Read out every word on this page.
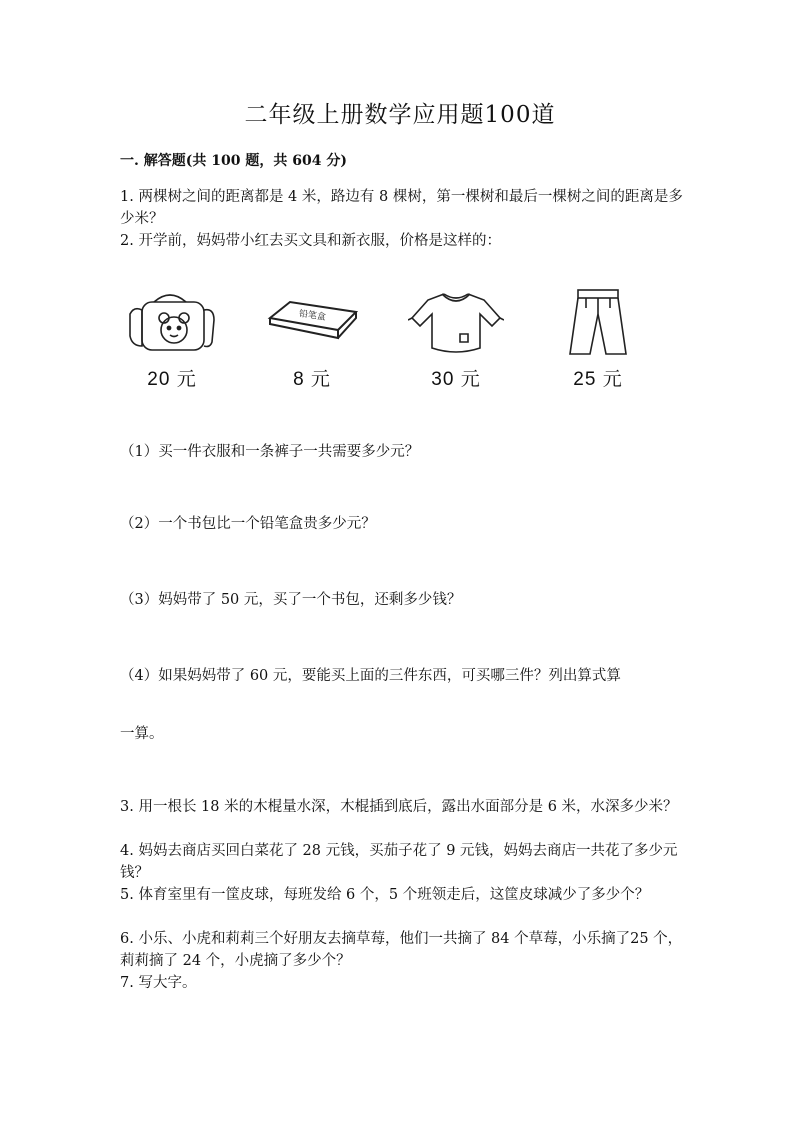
二年级上册数学应用题100道
一. 解答题(共 100 题，共 604 分)
1. 两棵树之间的距离都是 4 米，路边有 8 棵树，第一棵树和最后一棵树之间的距离是多少米？
2. 开学前，妈妈带小红去买文具和新衣服，价格是这样的：
20 元
铅笔盒
8 元	30 元	25 元
（1）买一件衣服和一条裤子一共需要多少元？
（2）一个书包比一个铅笔盒贵多少元？
（3）妈妈带了 50 元，买了一个书包，还剩多少钱？
（4）如果妈妈带了 60 元，要能买上面的三件东西，可买哪三件？列出算式算
一算。
3. 用一根长 18 米的木棍量水深，木棍插到底后，露出水面部分是 6 米，水深多少米？
4. 妈妈去商店买回白菜花了 28 元钱，买茄子花了 9 元钱，妈妈去商店一共花了多少元钱？
5. 体育室里有一筐皮球，每班发给 6 个，5 个班领走后，这筐皮球减少了多少个？
6. 小乐、小虎和莉莉三个好朋友去摘草莓，他们一共摘了 84 个草莓，小乐摘了25 个，莉莉摘了 24 个，小虎摘了多少个？
7. 写大字。
